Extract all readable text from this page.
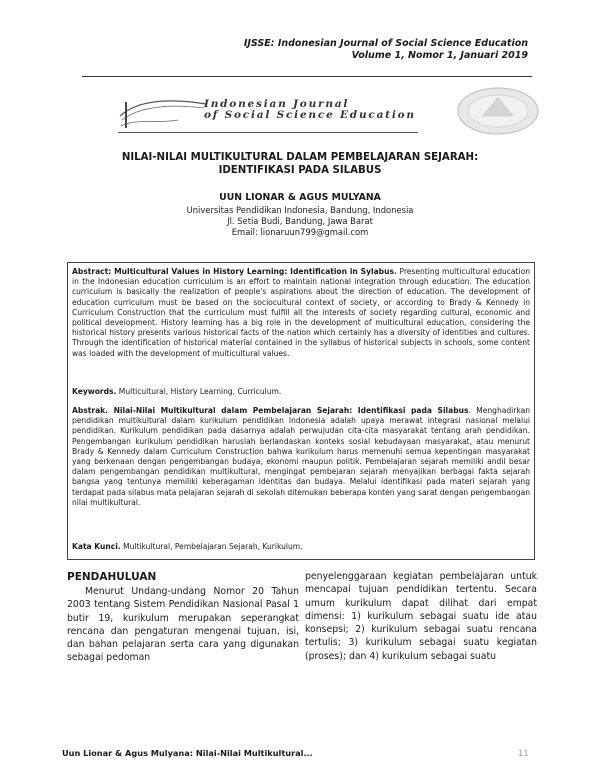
IJSSE: Indonesian Journal of Social Science Education
Volume 1, Nomor 1, Januari 2019
Indonesian Journal
of Social Science Education
NILAI-NILAI MULTIKULTURAL DALAM PEMBELAJARAN SEJARAH:
IDENTIFIKASI PADA SILABUS
UUN LIONAR & AGUS MULYANA
Universitas Pendidikan Indonesia, Bandung, Indonesia
Jl. Setia Budi, Bandung, Jawa Barat
Email: lionaruun799@gmail.com
Abstract: Multicultural Values in History Learning: Identification in Sylabus. Presenting multicultural education in the Indonesian education curriculum is an effort to maintain national integration through education. The education curriculum is basically the realization of people's aspirations about the direction of education. The development of education curriculum must be based on the sociocultural context of society, or according to Brady & Kennedy in Curriculum Construction that the curriculum must fulfill all the interests of society regarding cultural, economic and political development. History learning has a big role in the development of multicultural education, considering the historical history presents various historical facts of the nation which certainly has a diversity of identities and cultures. Through the identification of historical material contained in the syllabus of historical subjects in schools, some content was loaded with the development of multicultural values.
Keywords. Multicultural, History Learning, Curriculum.
Abstrak. Nilai-Nilai Multikultural dalam Pembelajaran Sejarah: Identifikasi pada Silabus. Menghadirkan pendidikan multikultural dalam kurikulum pendidikan Indonesia adalah upaya merawat integrasi nasional melalui pendidikan. Kurikulum pendidikan pada dasarnya adalah perwujudan cita-cita masyarakat tentang arah pendidikan. Pengembangan kurikulum pendidikan haruslah berlandaskan konteks sosial kebudayaan masyarakat, atau menurut Brady & Kennedy dalam Curriculum Construction bahwa kurikulum harus memenuhi semua kepentingan masyarakat yang berkenaan dengan pengembangan budaya, ekonomi maupun politik. Pembelajaran sejarah memiliki andil besar dalam pengembangan pendidikan multikultural, mengingat pembejaran sejarah menyajikan berbagai fakta sejarah bangsa yang tentunya memiliki keberagaman identitas dan budaya. Melalui identifikasi pada materi sejarah yang terdapat pada silabus mata pelajaran sejarah di sekolah ditemukan beberapa konten yang sarat dengan pengembangan nilai multikultural.
Kata Kunci. Multikultural, Pembelajaran Sejarah, Kurikulum.
PENDAHULUAN
Menurut Undang-undang Nomor 20 Tahun 2003 tentang Sistem Pendidikan Nasional Pasal 1 butir 19, kurikulum merupakan seperangkat rencana dan pengaturan mengenai tujuan, isi, dan bahan pelajaran serta cara yang digunakan sebagai pedoman
penyelenggaraan kegiatan pembelajaran untuk mencapai tujuan pendidikan tertentu. Secara umum kurikulum dapat dilihat dari empat dimensi: 1) kurikulum sebagai suatu ide atau konsepsi; 2) kurikulum sebagai suatu rencana tertulis; 3) kurikulum sebagai suatu kegiatan (proses); dan 4) kurikulum sebagai suatu
Uun Lionar & Agus Mulyana: Nilai-Nilai Multikultural...	11
